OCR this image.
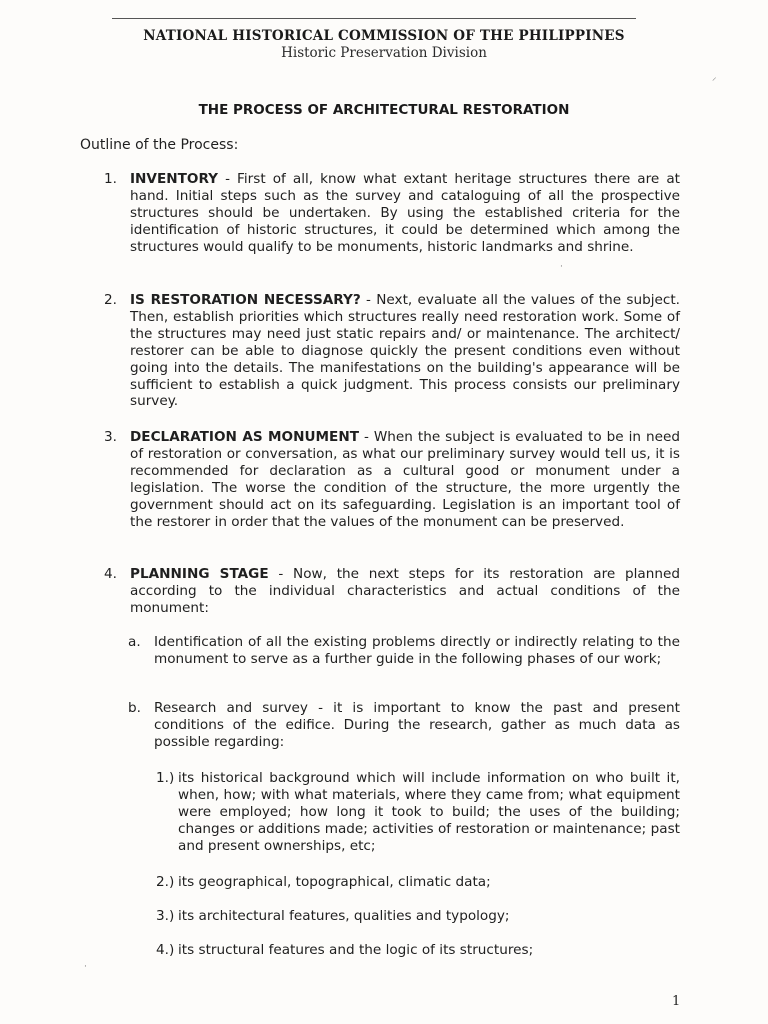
NATIONAL HISTORICAL COMMISSION OF THE PHILIPPINES
Historic Preservation Division
THE PROCESS OF ARCHITECTURAL RESTORATION
Outline of the Process:
1. INVENTORY - First of all, know what extant heritage structures there are at hand. Initial steps such as the survey and cataloguing of all the prospective structures should be undertaken. By using the established criteria for the identification of historic structures, it could be determined which among the structures would qualify to be monuments, historic landmarks and shrine.
2. IS RESTORATION NECESSARY? - Next, evaluate all the values of the subject. Then, establish priorities which structures really need restoration work. Some of the structures may need just static repairs and/ or maintenance. The architect/ restorer can be able to diagnose quickly the present conditions even without going into the details. The manifestations on the building's appearance will be sufficient to establish a quick judgment. This process consists our preliminary survey.
3. DECLARATION AS MONUMENT - When the subject is evaluated to be in need of restoration or conversation, as what our preliminary survey would tell us, it is recommended for declaration as a cultural good or monument under a legislation. The worse the condition of the structure, the more urgently the government should act on its safeguarding. Legislation is an important tool of the restorer in order that the values of the monument can be preserved.
4. PLANNING STAGE - Now, the next steps for its restoration are planned according to the individual characteristics and actual conditions of the monument:
a. Identification of all the existing problems directly or indirectly relating to the monument to serve as a further guide in the following phases of our work;
b. Research and survey - it is important to know the past and present conditions of the edifice. During the research, gather as much data as possible regarding:
1.) its historical background which will include information on who built it, when, how; with what materials, where they came from; what equipment were employed; how long it took to build; the uses of the building; changes or additions made; activities of restoration or maintenance; past and present ownerships, etc;
2.) its geographical, topographical, climatic data;
3.) its architectural features, qualities and typology;
4.) its structural features and the logic of its structures;
1
⸝
·
·
